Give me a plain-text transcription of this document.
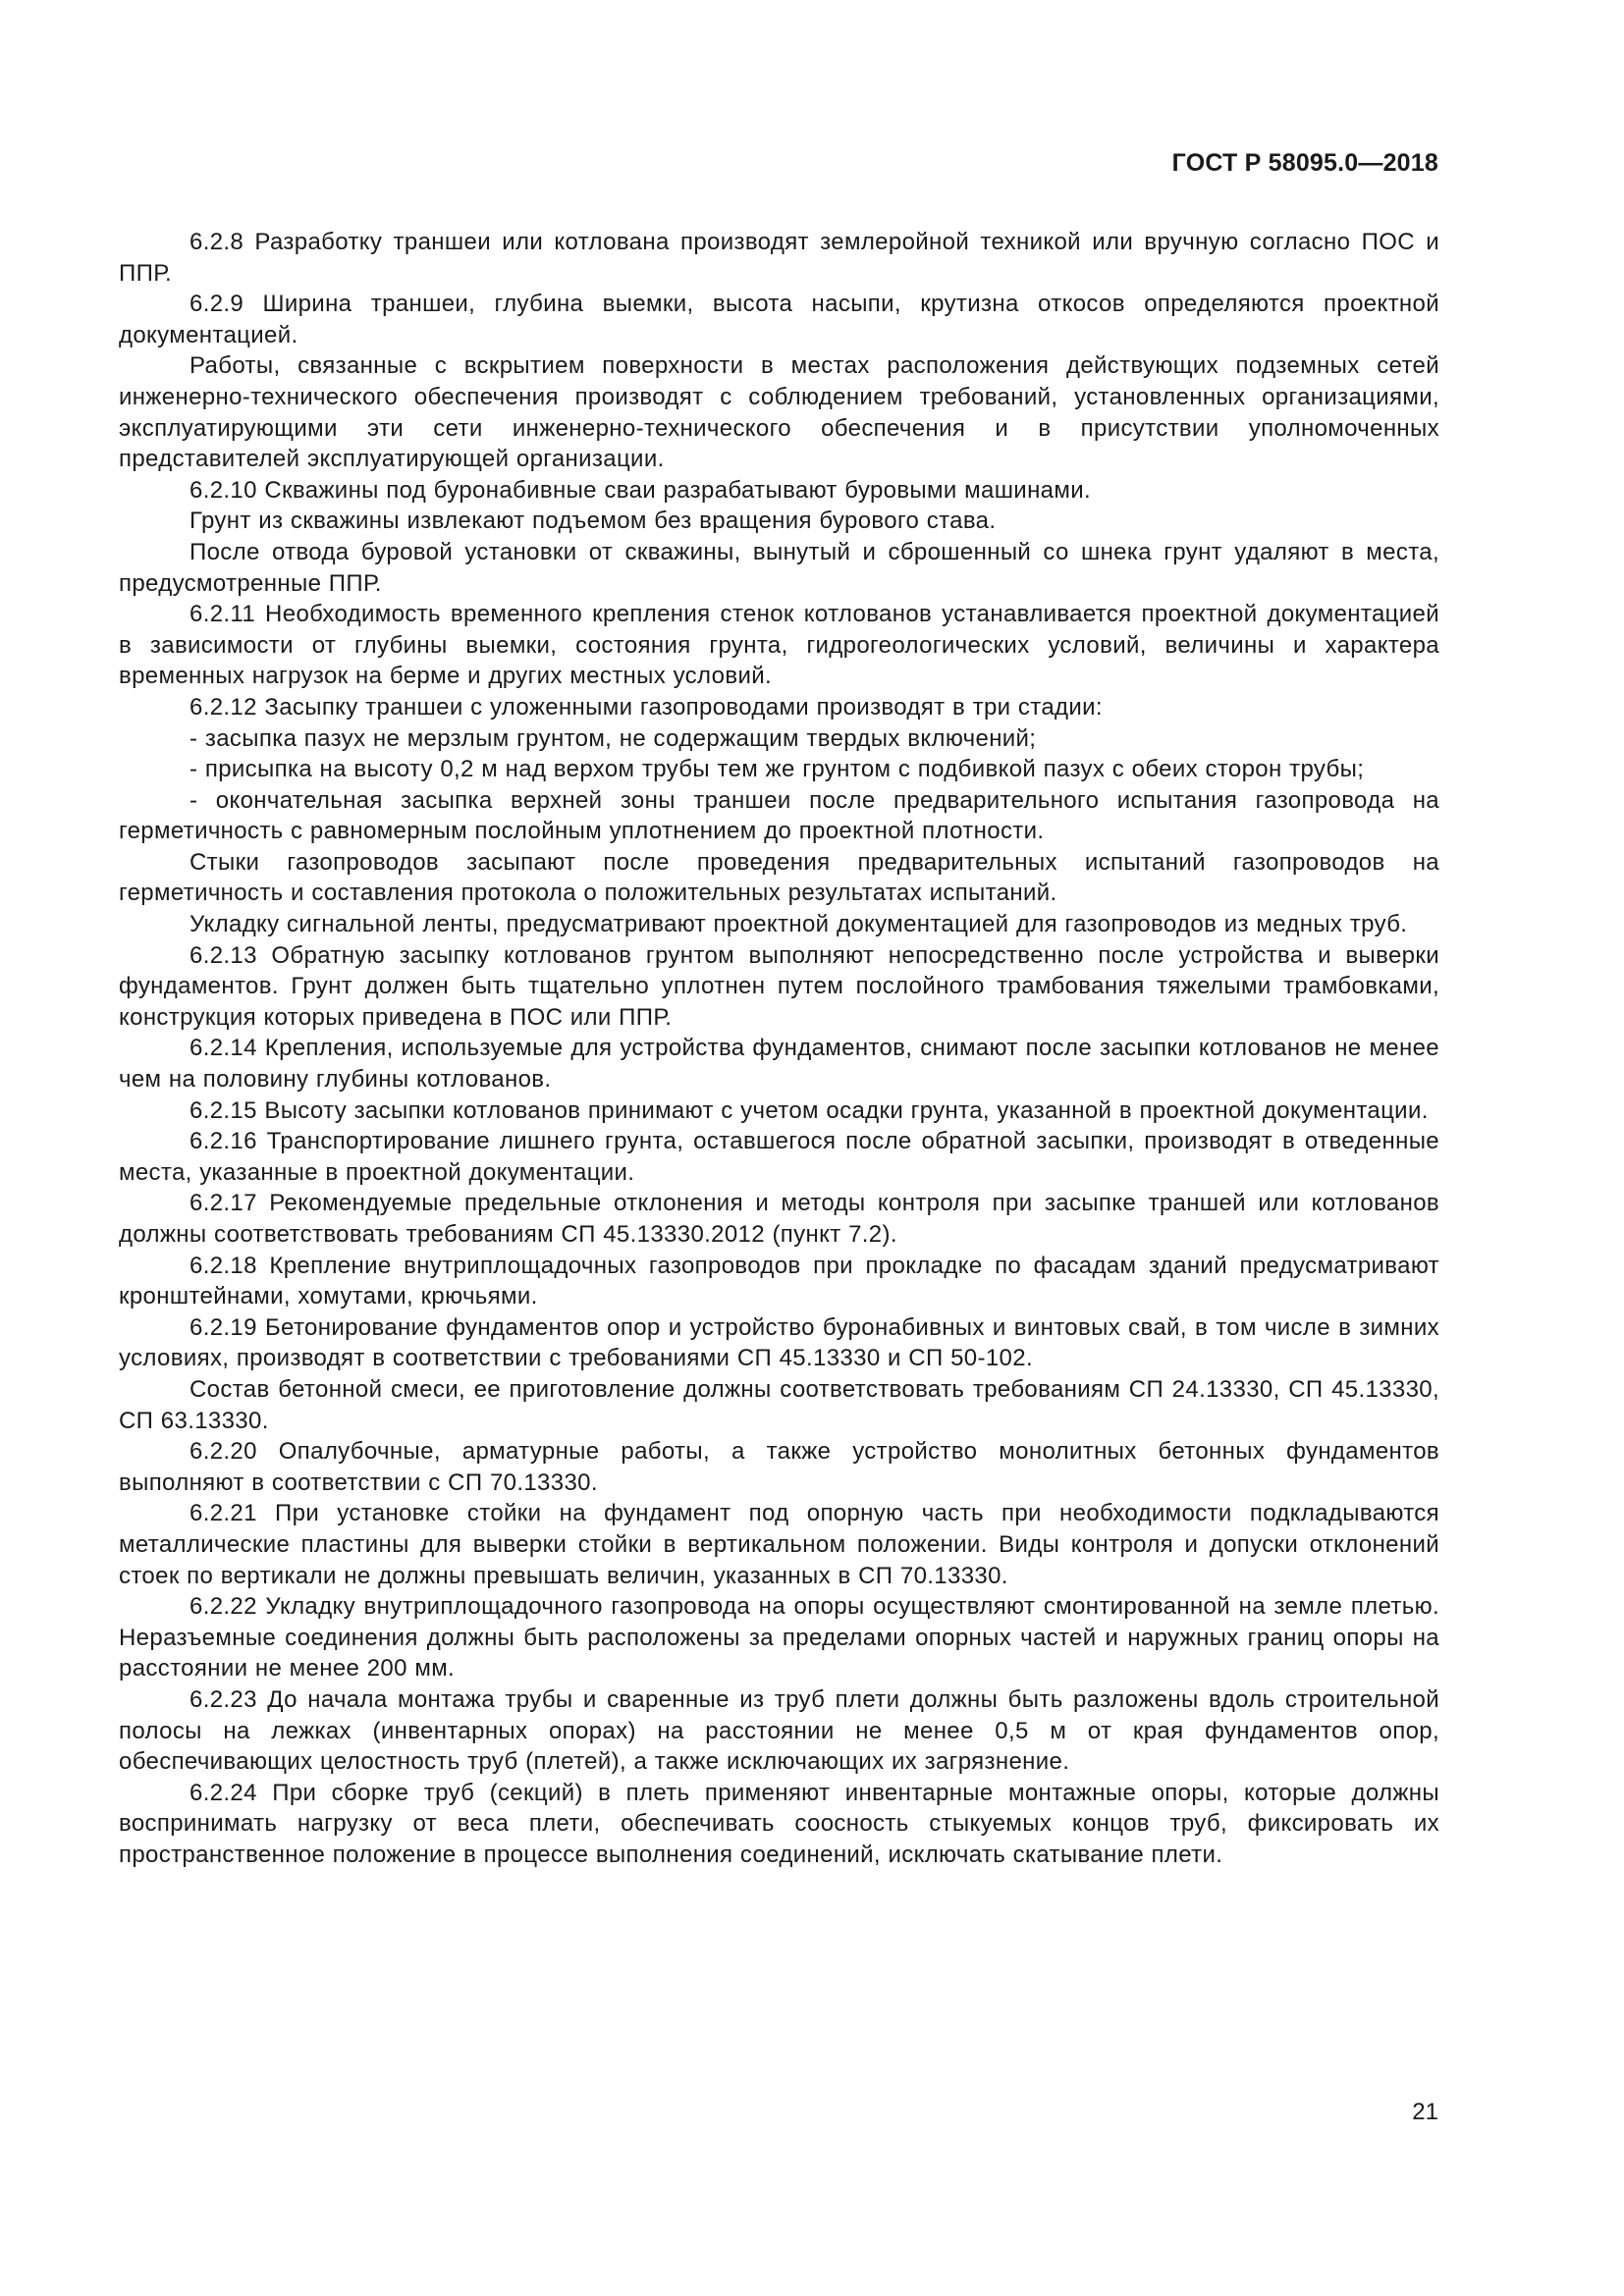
ГОСТ Р 58095.0—2018

6.2.8 Разработку траншеи или котлована производят землеройной техникой или вручную согласно ПОС и ППР.

6.2.9 Ширина траншеи, глубина выемки, высота насыпи, крутизна откосов определяются проектной документацией.

Работы, связанные с вскрытием поверхности в местах расположения действующих подземных сетей инженерно-технического обеспечения производят с соблюдением требований, установленных организациями, эксплуатирующими эти сети инженерно-технического обеспечения и в присутствии уполномоченных представителей эксплуатирующей организации.

6.2.10 Скважины под буронабивные сваи разрабатывают буровыми машинами.

Грунт из скважины извлекают подъемом без вращения бурового става.

После отвода буровой установки от скважины, вынутый и сброшенный со шнека грунт удаляют в места, предусмотренные ППР.

6.2.11 Необходимость временного крепления стенок котлованов устанавливается проектной документацией в зависимости от глубины выемки, состояния грунта, гидрогеологических условий, величины и характера временных нагрузок на берме и других местных условий.

6.2.12 Засыпку траншеи с уложенными газопроводами производят в три стадии:

- засыпка пазух не мерзлым грунтом, не содержащим твердых включений;

- присыпка на высоту 0,2 м над верхом трубы тем же грунтом с подбивкой пазух с обеих сторон трубы;

- окончательная засыпка верхней зоны траншеи после предварительного испытания газопровода на герметичность с равномерным послойным уплотнением до проектной плотности.

Стыки газопроводов засыпают после проведения предварительных испытаний газопроводов на герметичность и составления протокола о положительных результатах испытаний.

Укладку сигнальной ленты, предусматривают проектной документацией для газопроводов из медных труб.

6.2.13 Обратную засыпку котлованов грунтом выполняют непосредственно после устройства и выверки фундаментов. Грунт должен быть тщательно уплотнен путем послойного трамбования тяжелыми трамбовками, конструкция которых приведена в ПОС или ППР.

6.2.14 Крепления, используемые для устройства фундаментов, снимают после засыпки котлованов не менее чем на половину глубины котлованов.

6.2.15 Высоту засыпки котлованов принимают с учетом осадки грунта, указанной в проектной документации.

6.2.16 Транспортирование лишнего грунта, оставшегося после обратной засыпки, производят в отведенные места, указанные в проектной документации.

6.2.17 Рекомендуемые предельные отклонения и методы контроля при засыпке траншей или котлованов должны соответствовать требованиям СП 45.13330.2012 (пункт 7.2).

6.2.18 Крепление внутриплощадочных газопроводов при прокладке по фасадам зданий предусматривают кронштейнами, хомутами, крючьями.

6.2.19 Бетонирование фундаментов опор и устройство буронабивных и винтовых свай, в том числе в зимних условиях, производят в соответствии с требованиями СП 45.13330 и СП 50-102.

Состав бетонной смеси, ее приготовление должны соответствовать требованиям СП 24.13330, СП 45.13330, СП 63.13330.

6.2.20 Опалубочные, арматурные работы, а также устройство монолитных бетонных фундаментов выполняют в соответствии с СП 70.13330.

6.2.21 При установке стойки на фундамент под опорную часть при необходимости подкладываются металлические пластины для выверки стойки в вертикальном положении. Виды контроля и допуски отклонений стоек по вертикали не должны превышать величин, указанных в СП 70.13330.

6.2.22 Укладку внутриплощадочного газопровода на опоры осуществляют смонтированной на земле плетью. Неразъемные соединения должны быть расположены за пределами опорных частей и наружных границ опоры на расстоянии не менее 200 мм.

6.2.23 До начала монтажа трубы и сваренные из труб плети должны быть разложены вдоль строительной полосы на лежках (инвентарных опорах) на расстоянии не менее 0,5 м от края фундаментов опор, обеспечивающих целостность труб (плетей), а также исключающих их загрязнение.

6.2.24 При сборке труб (секций) в плеть применяют инвентарные монтажные опоры, которые должны воспринимать нагрузку от веса плети, обеспечивать соосность стыкуемых концов труб, фиксировать их пространственное положение в процессе выполнения соединений, исключать скатывание плети.

21
